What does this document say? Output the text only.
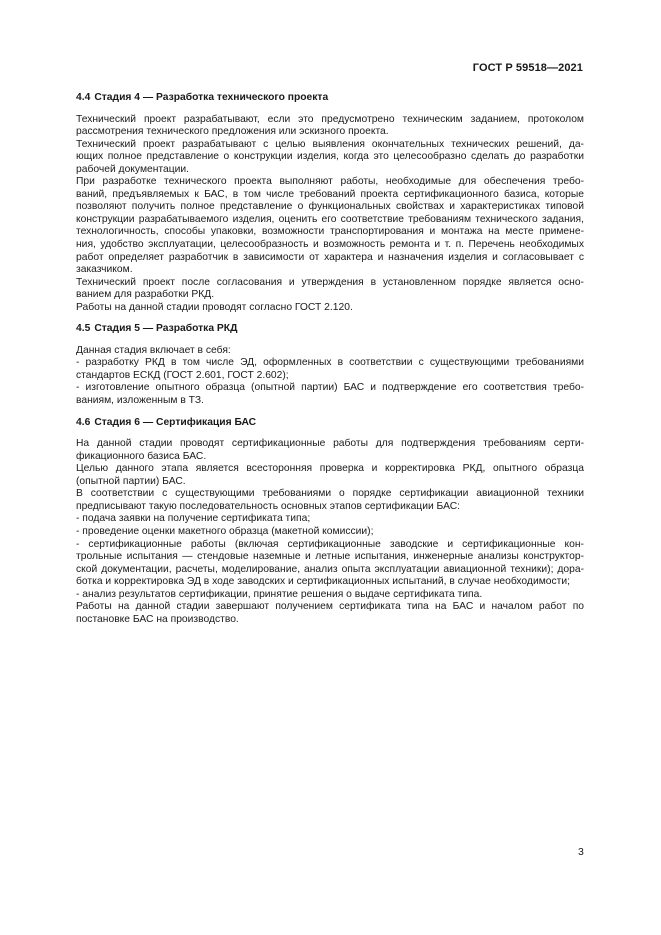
ГОСТ Р 59518—2021
4.4 Стадия 4 — Разработка технического проекта
Технический проект разрабатывают, если это предусмотрено техническим заданием, протоколом
рассмотрения технического предложения или эскизного проекта.
Технический проект разрабатывают с целью выявления окончательных технических решений, да-
ющих полное представление о конструкции изделия, когда это целесообразно сделать до разработки
рабочей документации.
При разработке технического проекта выполняют работы, необходимые для обеспечения требо-
ваний, предъявляемых к БАС, в том числе требований проекта сертификационного базиса, которые
позволяют получить полное представление о функциональных свойствах и характеристиках типовой
конструкции разрабатываемого изделия, оценить его соответствие требованиям технического задания,
технологичность, способы упаковки, возможности транспортирования и монтажа на месте примене-
ния, удобство эксплуатации, целесообразность и возможность ремонта и т. п. Перечень необходимых
работ определяет разработчик в зависимости от характера и назначения изделия и согласовывает с
заказчиком.
Технический проект после согласования и утверждения в установленном порядке является осно-
ванием для разработки РКД.
Работы на данной стадии проводят согласно ГОСТ 2.120.
4.5 Стадия 5 — Разработка РКД
Данная стадия включает в себя:
- разработку РКД в том числе ЭД, оформленных в соответствии с существующими требованиями
стандартов ЕСКД (ГОСТ 2.601, ГОСТ 2.602);
- изготовление опытного образца (опытной партии) БАС и подтверждение его соответствия требо-
ваниям, изложенным в ТЗ.
4.6 Стадия 6 — Сертификация БАС
На данной стадии проводят сертификационные работы для подтверждения требованиям серти-
фикационного базиса БАС.
Целью данного этапа является всесторонняя проверка и корректировка РКД, опытного образца
(опытной партии) БАС.
В соответствии с существующими требованиями о порядке сертификации авиационной техники
предписывают такую последовательность основных этапов сертификации БАС:
- подача заявки на получение сертификата типа;
- проведение оценки макетного образца (макетной комиссии);
- сертификационные работы (включая сертификационные заводские и сертификационные кон-
трольные испытания — стендовые наземные и летные испытания, инженерные анализы конструктор-
ской документации, расчеты, моделирование, анализ опыта эксплуатации авиационной техники); дора-
ботка и корректировка ЭД в ходе заводских и сертификационных испытаний, в случае необходимости;
- анализ результатов сертификации, принятие решения о выдаче сертификата типа.
Работы на данной стадии завершают получением сертификата типа на БАС и началом работ по
постановке БАС на производство.
3
